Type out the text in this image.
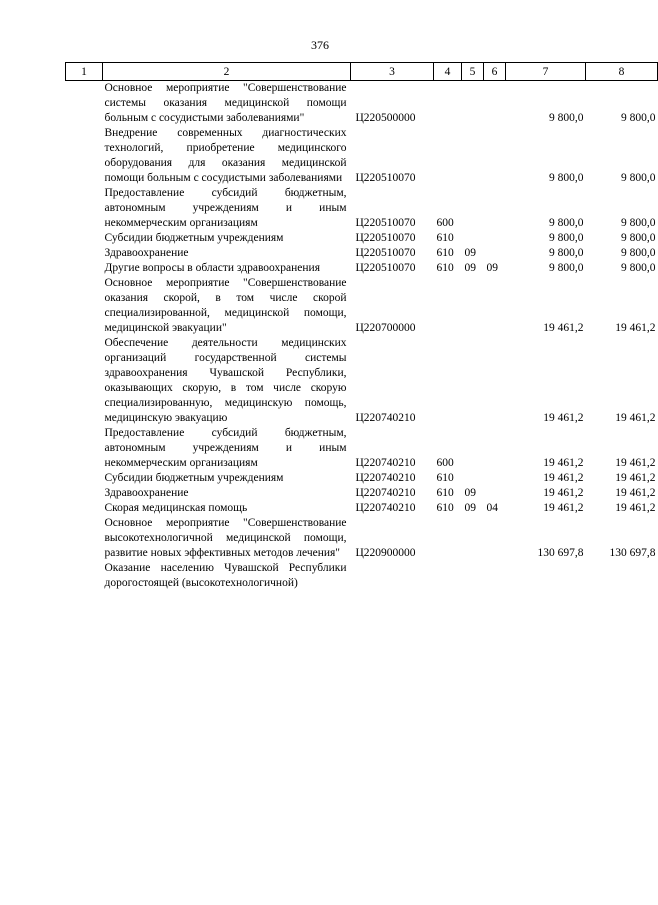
376
1	2	3	4	5	6	7	8
	Основное мероприятие "Совершенствование системы оказания медицинской помощи больным с сосудистыми заболеваниями"	Ц220500000				9 800,0	9 800,0
	Внедрение современных диагностических технологий, приобретение медицинского оборудования для оказания медицинской помощи больным с сосудистыми заболеваниями	Ц220510070				9 800,0	9 800,0
	Предоставление субсидий бюджетным, автономным учреждениям и иным некоммерческим организациям	Ц220510070	600			9 800,0	9 800,0
	Субсидии бюджетным учреждениям	Ц220510070	610			9 800,0	9 800,0
	Здравоохранение	Ц220510070	610	09		9 800,0	9 800,0
	Другие вопросы в области здравоохранения	Ц220510070	610	09	09	9 800,0	9 800,0
	Основное мероприятие "Совершенствование оказания скорой, в том числе скорой специализированной, медицинской помощи, медицинской эвакуации"	Ц220700000				19 461,2	19 461,2
	Обеспечение деятельности медицинских организаций государственной системы здравоохранения Чувашской Республики, оказывающих скорую, в том числе скорую специализированную, медицинскую помощь, медицинскую эвакуацию	Ц220740210				19 461,2	19 461,2
	Предоставление субсидий бюджетным, автономным учреждениям и иным некоммерческим организациям	Ц220740210	600			19 461,2	19 461,2
	Субсидии бюджетным учреждениям	Ц220740210	610			19 461,2	19 461,2
	Здравоохранение	Ц220740210	610	09		19 461,2	19 461,2
	Скорая медицинская помощь	Ц220740210	610	09	04	19 461,2	19 461,2
	Основное мероприятие "Совершенствование высокотехнологичной медицинской помощи, развитие новых эффективных методов лечения"	Ц220900000				130 697,8	130 697,8
	Оказание населению Чувашской Республики дорогостоящей (высокотехнологичной)						
